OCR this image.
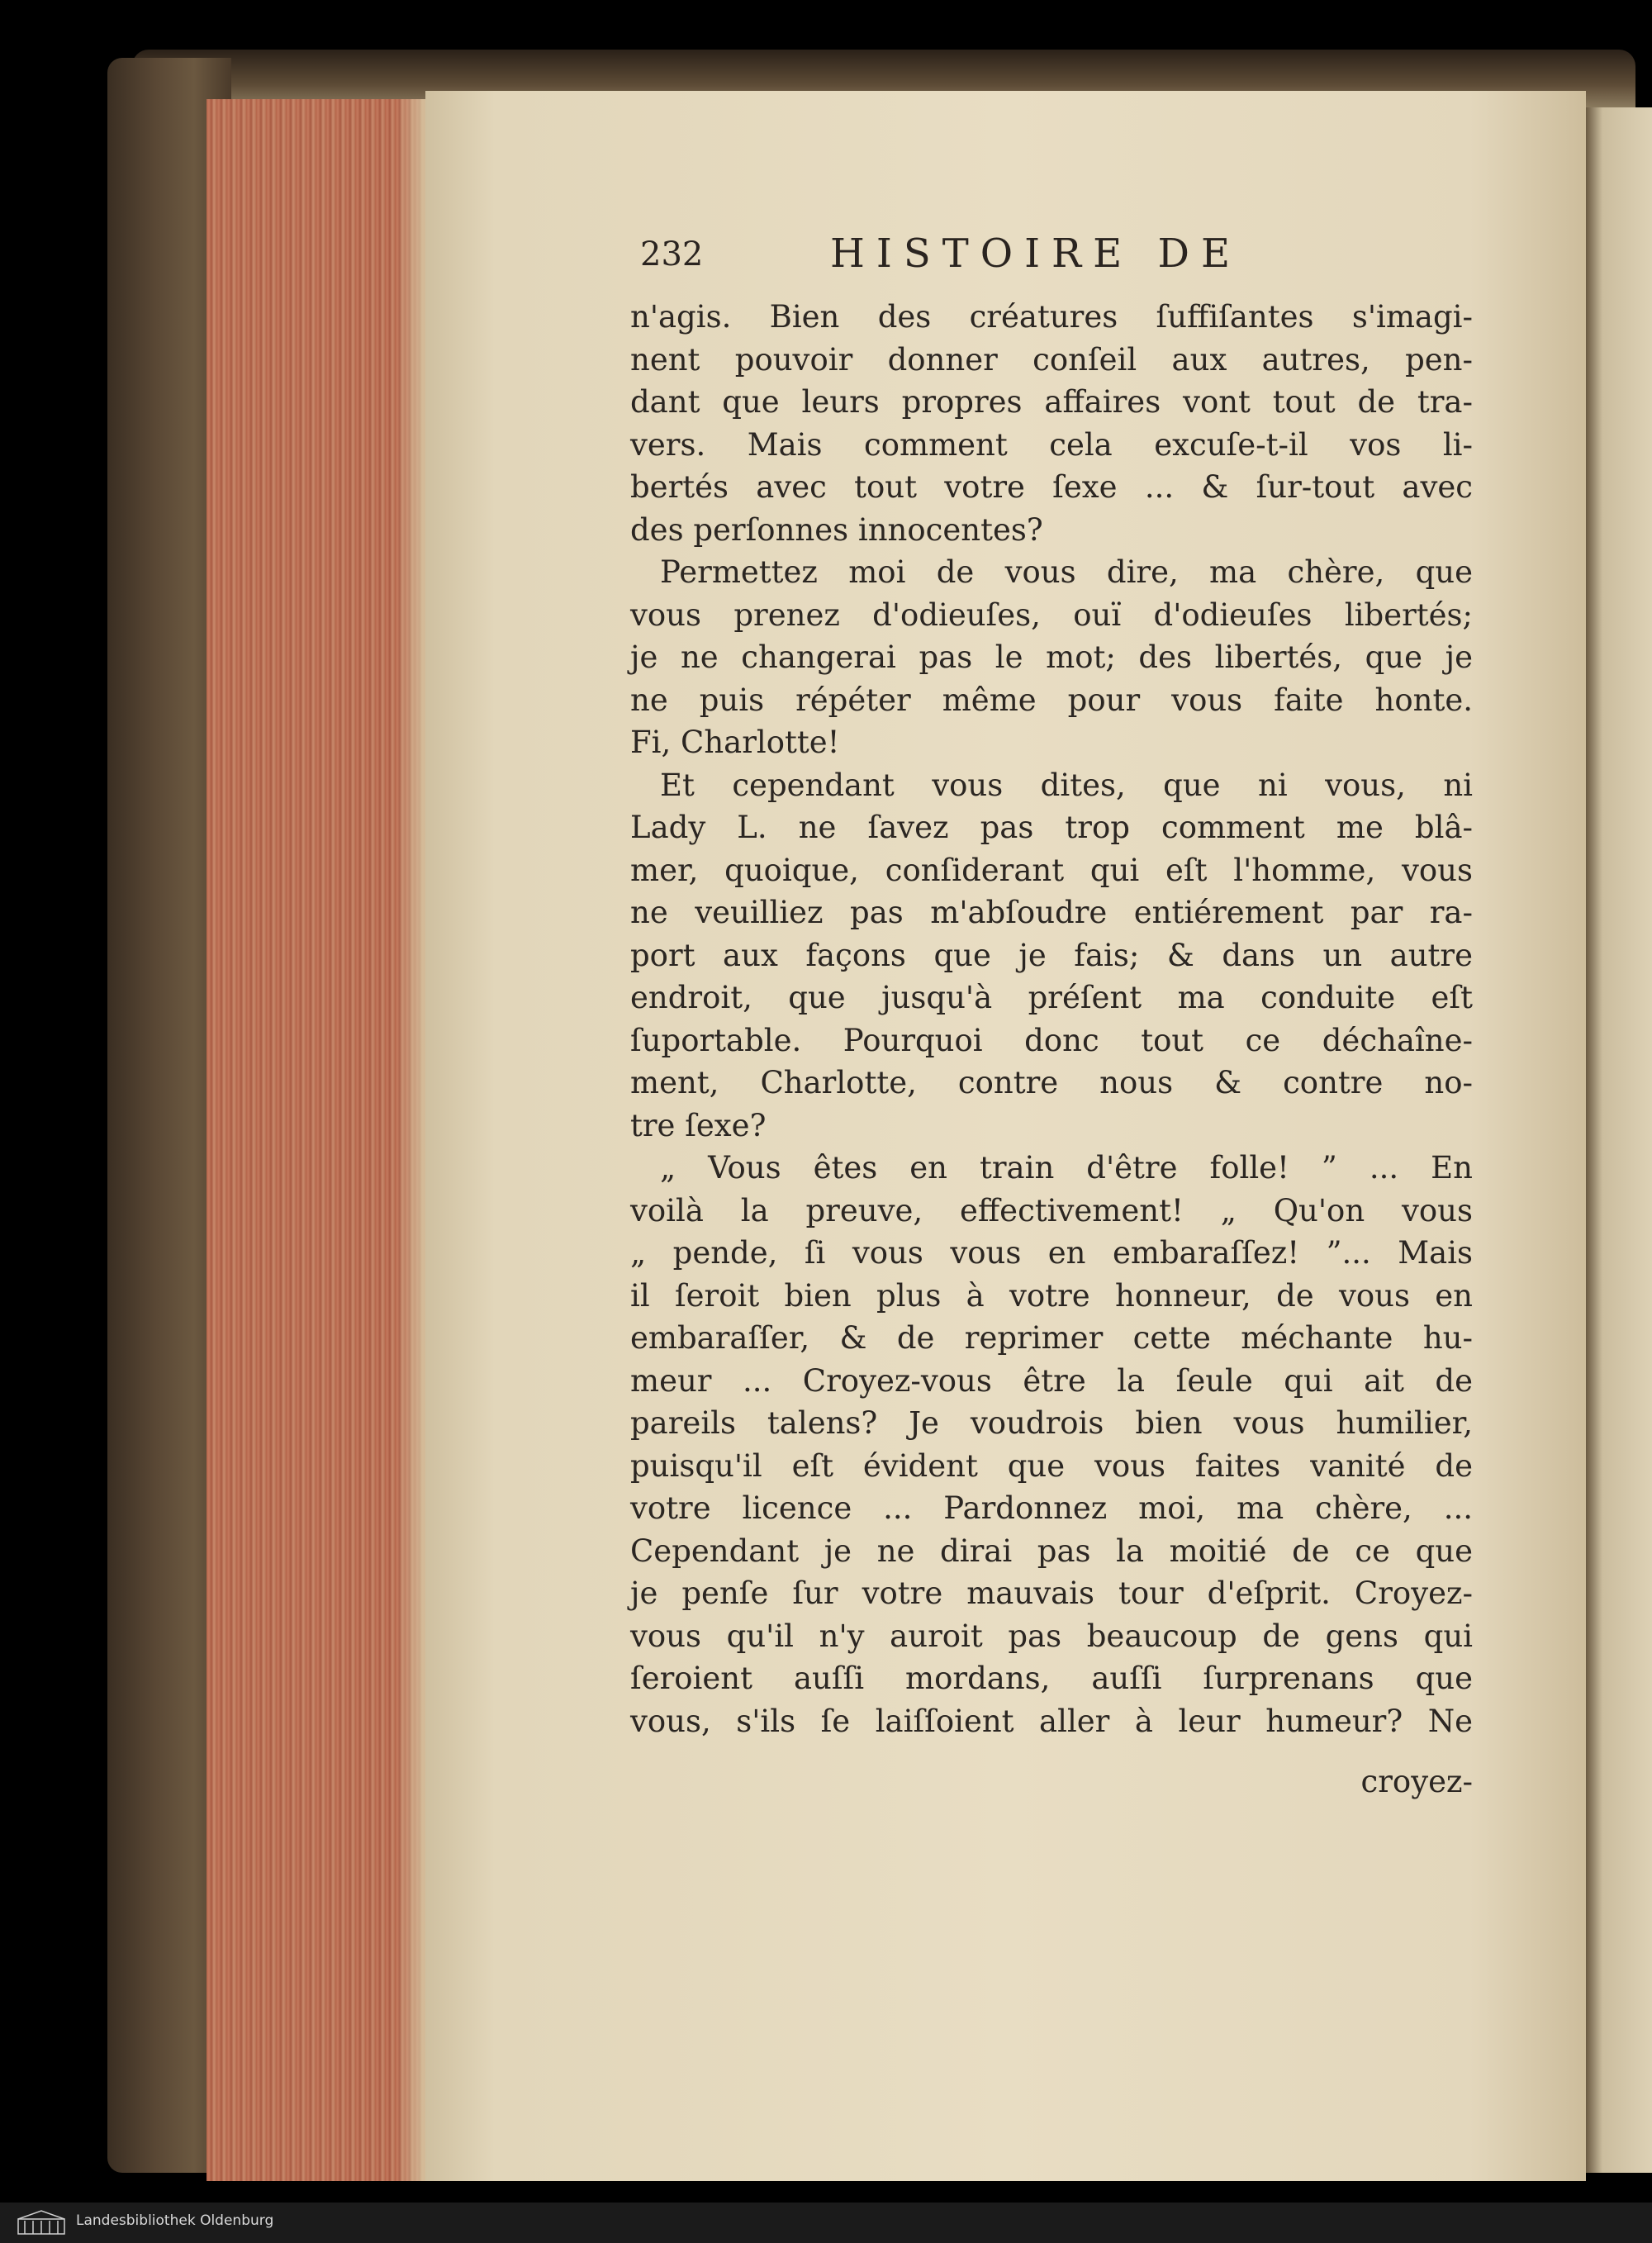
232	HISTOIRE DE
n'agis. Bien des créatures ſuffiſantes s'imagi-
nent pouvoir donner conſeil aux autres, pen-
dant que leurs propres affaires vont tout de tra-
vers. Mais comment cela excuſe-t-il vos li-
bertés avec tout votre ſexe ... & ſur-tout avec
des perſonnes innocentes?
Permettez moi de vous dire, ma chère, que
vous prenez d'odieuſes, ouï d'odieuſes libertés;
je ne changerai pas le mot; des libertés, que je
ne puis répéter même pour vous faite honte.
Fi, Charlotte!
Et cependant vous dites, que ni vous, ni
Lady L. ne ſavez pas trop comment me blâ-
mer, quoique, conſiderant qui eſt l'homme, vous
ne veuilliez pas m'abſoudre entiérement par ra-
port aux façons que je fais; & dans un autre
endroit, que jusqu'à préſent ma conduite eſt
ſuportable. Pourquoi donc tout ce déchaîne-
ment, Charlotte, contre nous & contre no-
tre ſexe?
„ Vous êtes en train d'être folle! ” ... En
voilà la preuve, effectivement! „ Qu'on vous
„ pende, ſi vous vous en embaraſſez! ”... Mais
il ſeroit bien plus à votre honneur, de vous en
embaraſſer, & de reprimer cette méchante hu-
meur ... Croyez-vous être la ſeule qui ait de
pareils talens? Je voudrois bien vous humilier,
puisqu'il eſt évident que vous faites vanité de
votre licence ... Pardonnez moi, ma chère, ...
Cependant je ne dirai pas la moitié de ce que
je penſe ſur votre mauvais tour d'eſprit. Croyez-
vous qu'il n'y auroit pas beaucoup de gens qui
ſeroient auſſi mordans, auſſi ſurprenans que
vous, s'ils ſe laiſſoient aller à leur humeur? Ne
croyez-
Landesbibliothek Oldenburg
